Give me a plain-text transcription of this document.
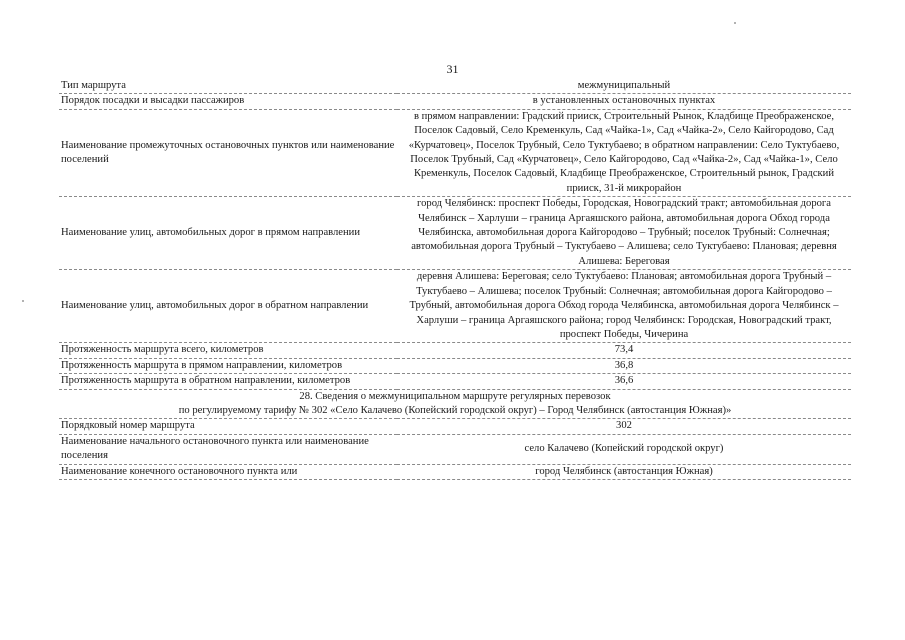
31
Тип маршрута	межмуниципальный
Порядок посадки и высадки пассажиров	в установленных остановочных пунктах
Наименование промежуточных остановочных пунктов или наименование поселений	в прямом направлении: Градский прииск, Строительный Рынок, Кладбище Преображенское, Поселок Садовый, Село Кременкуль, Сад «Чайка-1», Сад «Чайка-2», Село Кайгородово, Сад «Курчатовец», Поселок Трубный, Село Туктубаево; в обратном направлении: Село Туктубаево, Поселок Трубный, Сад «Курчатовец», Село Кайгородово, Сад «Чайка-2», Сад «Чайка-1», Село Кременкуль, Поселок Садовый, Кладбище Преображенское, Строительный рынок, Градский прииск, 31-й микрорайон
Наименование улиц, автомобильных дорог в прямом направлении	город Челябинск: проспект Победы, Городская, Новоградский тракт; автомобильная дорога Челябинск – Харлуши – граница Аргаяшского района, автомобильная дорога Обход города Челябинска, автомобильная дорога Кайгородово – Трубный; поселок Трубный: Солнечная; автомобильная дорога Трубный – Туктубаево – Алишева; село Туктубаево: Плановая; деревня Алишева: Береговая
Наименование улиц, автомобильных дорог в обратном направлении	деревня Алишева: Береговая; село Туктубаево: Плановая; автомобильная дорога Трубный – Туктубаево – Алишева; поселок Трубный: Солнечная; автомобильная дорога Кайгородово – Трубный, автомобильная дорога Обход города Челябинска, автомобильная дорога Челябинск – Харлуши – граница Аргаяшского района; город Челябинск: Городская, Новоградский тракт, проспект Победы, Чичерина
Протяженность маршрута всего, километров	73,4
Протяженность маршрута в прямом направлении, километров	36,8
Протяженность маршрута в обратном направлении, километров	36,6

28. Сведения о межмуниципальном маршруте регулярных перевозок
по регулируемому тарифу № 302 «Село Калачево (Копейский городской округ) – Город Челябинск (автостанция Южная)»	

Порядковый номер маршрута	302
Наименование начального остановочного пункта или наименование поселения	село Калачево (Копейский городской округ)
Наименование конечного остановочного пункта или	город Челябинск (автостанция Южная)
